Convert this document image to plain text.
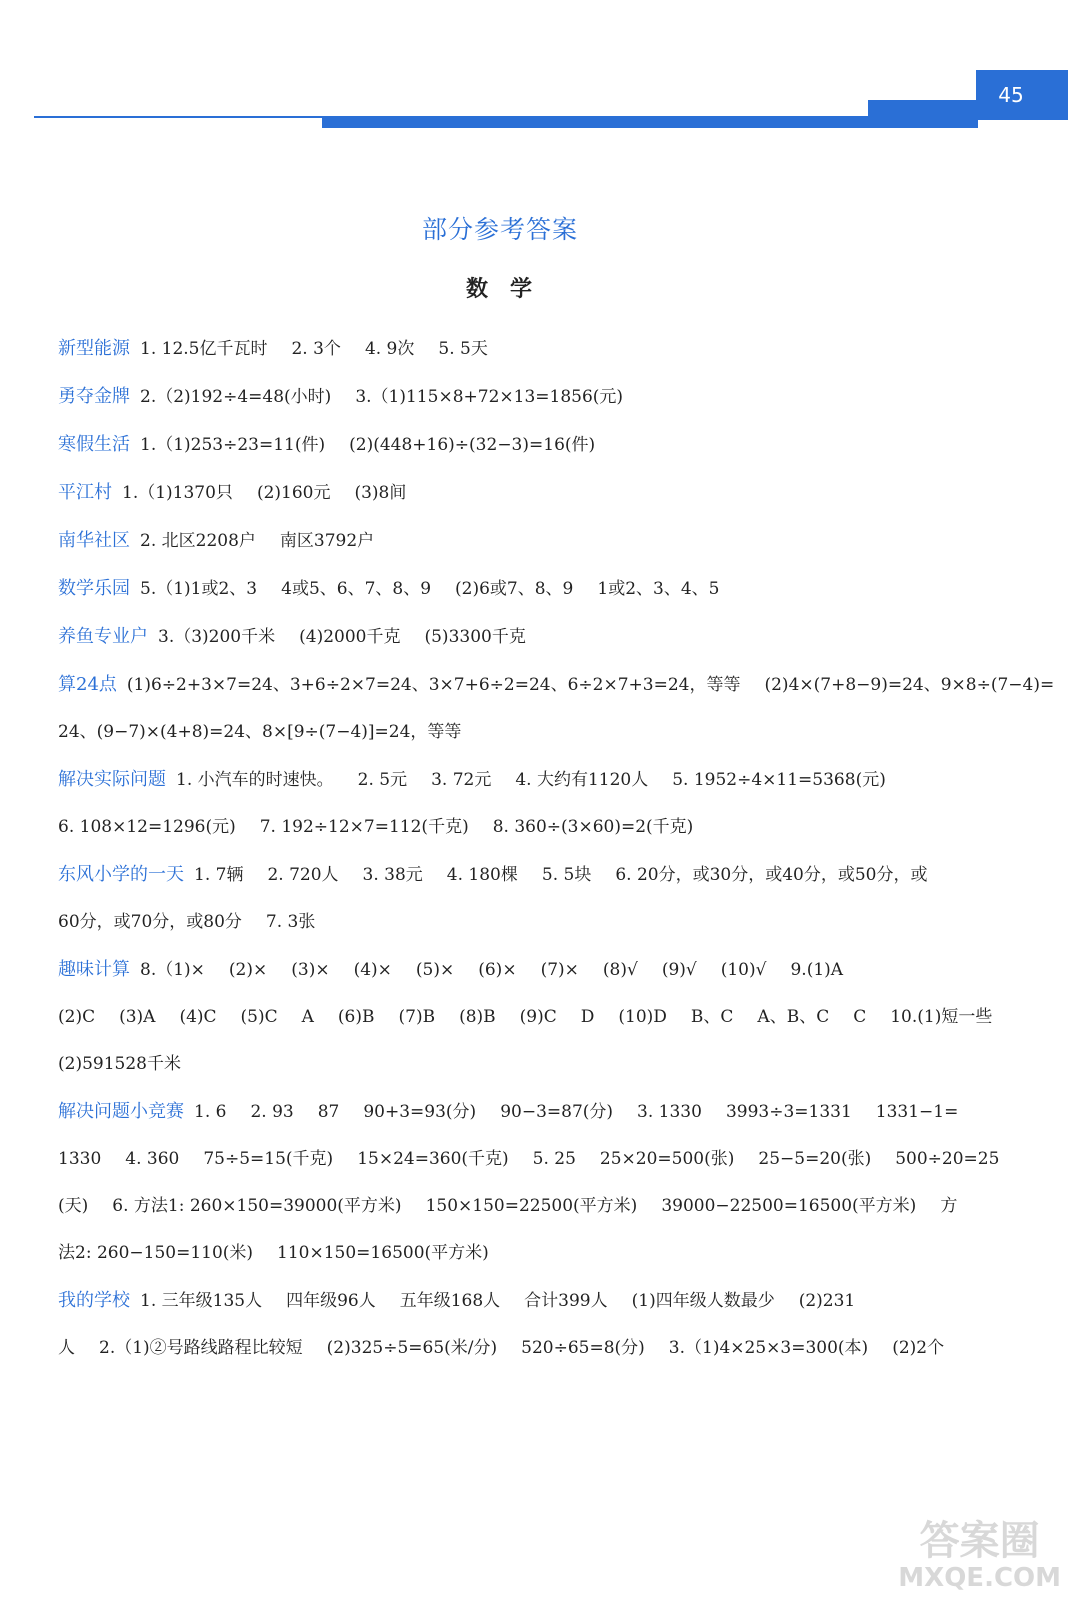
45
部分参考答案
数学
新型能源 1. 12.5亿千瓦时 2. 3个 4. 9次 5. 5天
勇夺金牌 2.（2)192÷4=48(小时) 3.（1)115×8+72×13=1856(元)
寒假生活 1.（1)253÷23=11(件) (2)(448+16)÷(32−3)=16(件)
平江村 1.（1)1370只 (2)160元 (3)8间
南华社区 2. 北区2208户 南区3792户
数学乐园 5.（1)1或2、3 4或5、6、7、8、9 (2)6或7、8、9 1或2、3、4、5
养鱼专业户 3.（3)200千米 (4)2000千克 (5)3300千克
算24点 (1)6÷2+3×7=24、3+6÷2×7=24、3×7+6÷2=24、6÷2×7+3=24，等等 (2)4×(7+8−9)=24、9×8÷(7−4)=
24、(9−7)×(4+8)=24、8×[9÷(7−4)]=24，等等
解决实际问题 1. 小汽车的时速快。 2. 5元 3. 72元 4. 大约有1120人 5. 1952÷4×11=5368(元)
6. 108×12=1296(元) 7. 192÷12×7=112(千克) 8. 360÷(3×60)=2(千克)
东风小学的一天 1. 7辆 2. 720人 3. 38元 4. 180棵 5. 5块 6. 20分，或30分，或40分，或50分，或
60分，或70分，或80分 7. 3张
趣味计算 8.（1)× (2)× (3)× (4)× (5)× (6)× (7)× (8)√ (9)√ (10)√ 9.(1)A
(2)C (3)A (4)C (5)C A (6)B (7)B (8)B (9)C D (10)D B、C A、B、C C 10.(1)短一些
(2)591528千米
解决问题小竞赛 1. 6 2. 93 87 90+3=93(分) 90−3=87(分) 3. 1330 3993÷3=1331 1331−1=
1330 4. 360 75÷5=15(千克) 15×24=360(千克) 5. 25 25×20=500(张) 25−5=20(张) 500÷20=25
(天) 6. 方法1: 260×150=39000(平方米) 150×150=22500(平方米) 39000−22500=16500(平方米) 方
法2: 260−150=110(米) 110×150=16500(平方米)
我的学校 1. 三年级135人 四年级96人 五年级168人 合计399人 (1)四年级人数最少 (2)231
人 2.（1)②号路线路程比较短 (2)325÷5=65(米/分) 520÷65=8(分) 3.（1)4×25×3=300(本) (2)2个
答案圈
MXQE.COM
